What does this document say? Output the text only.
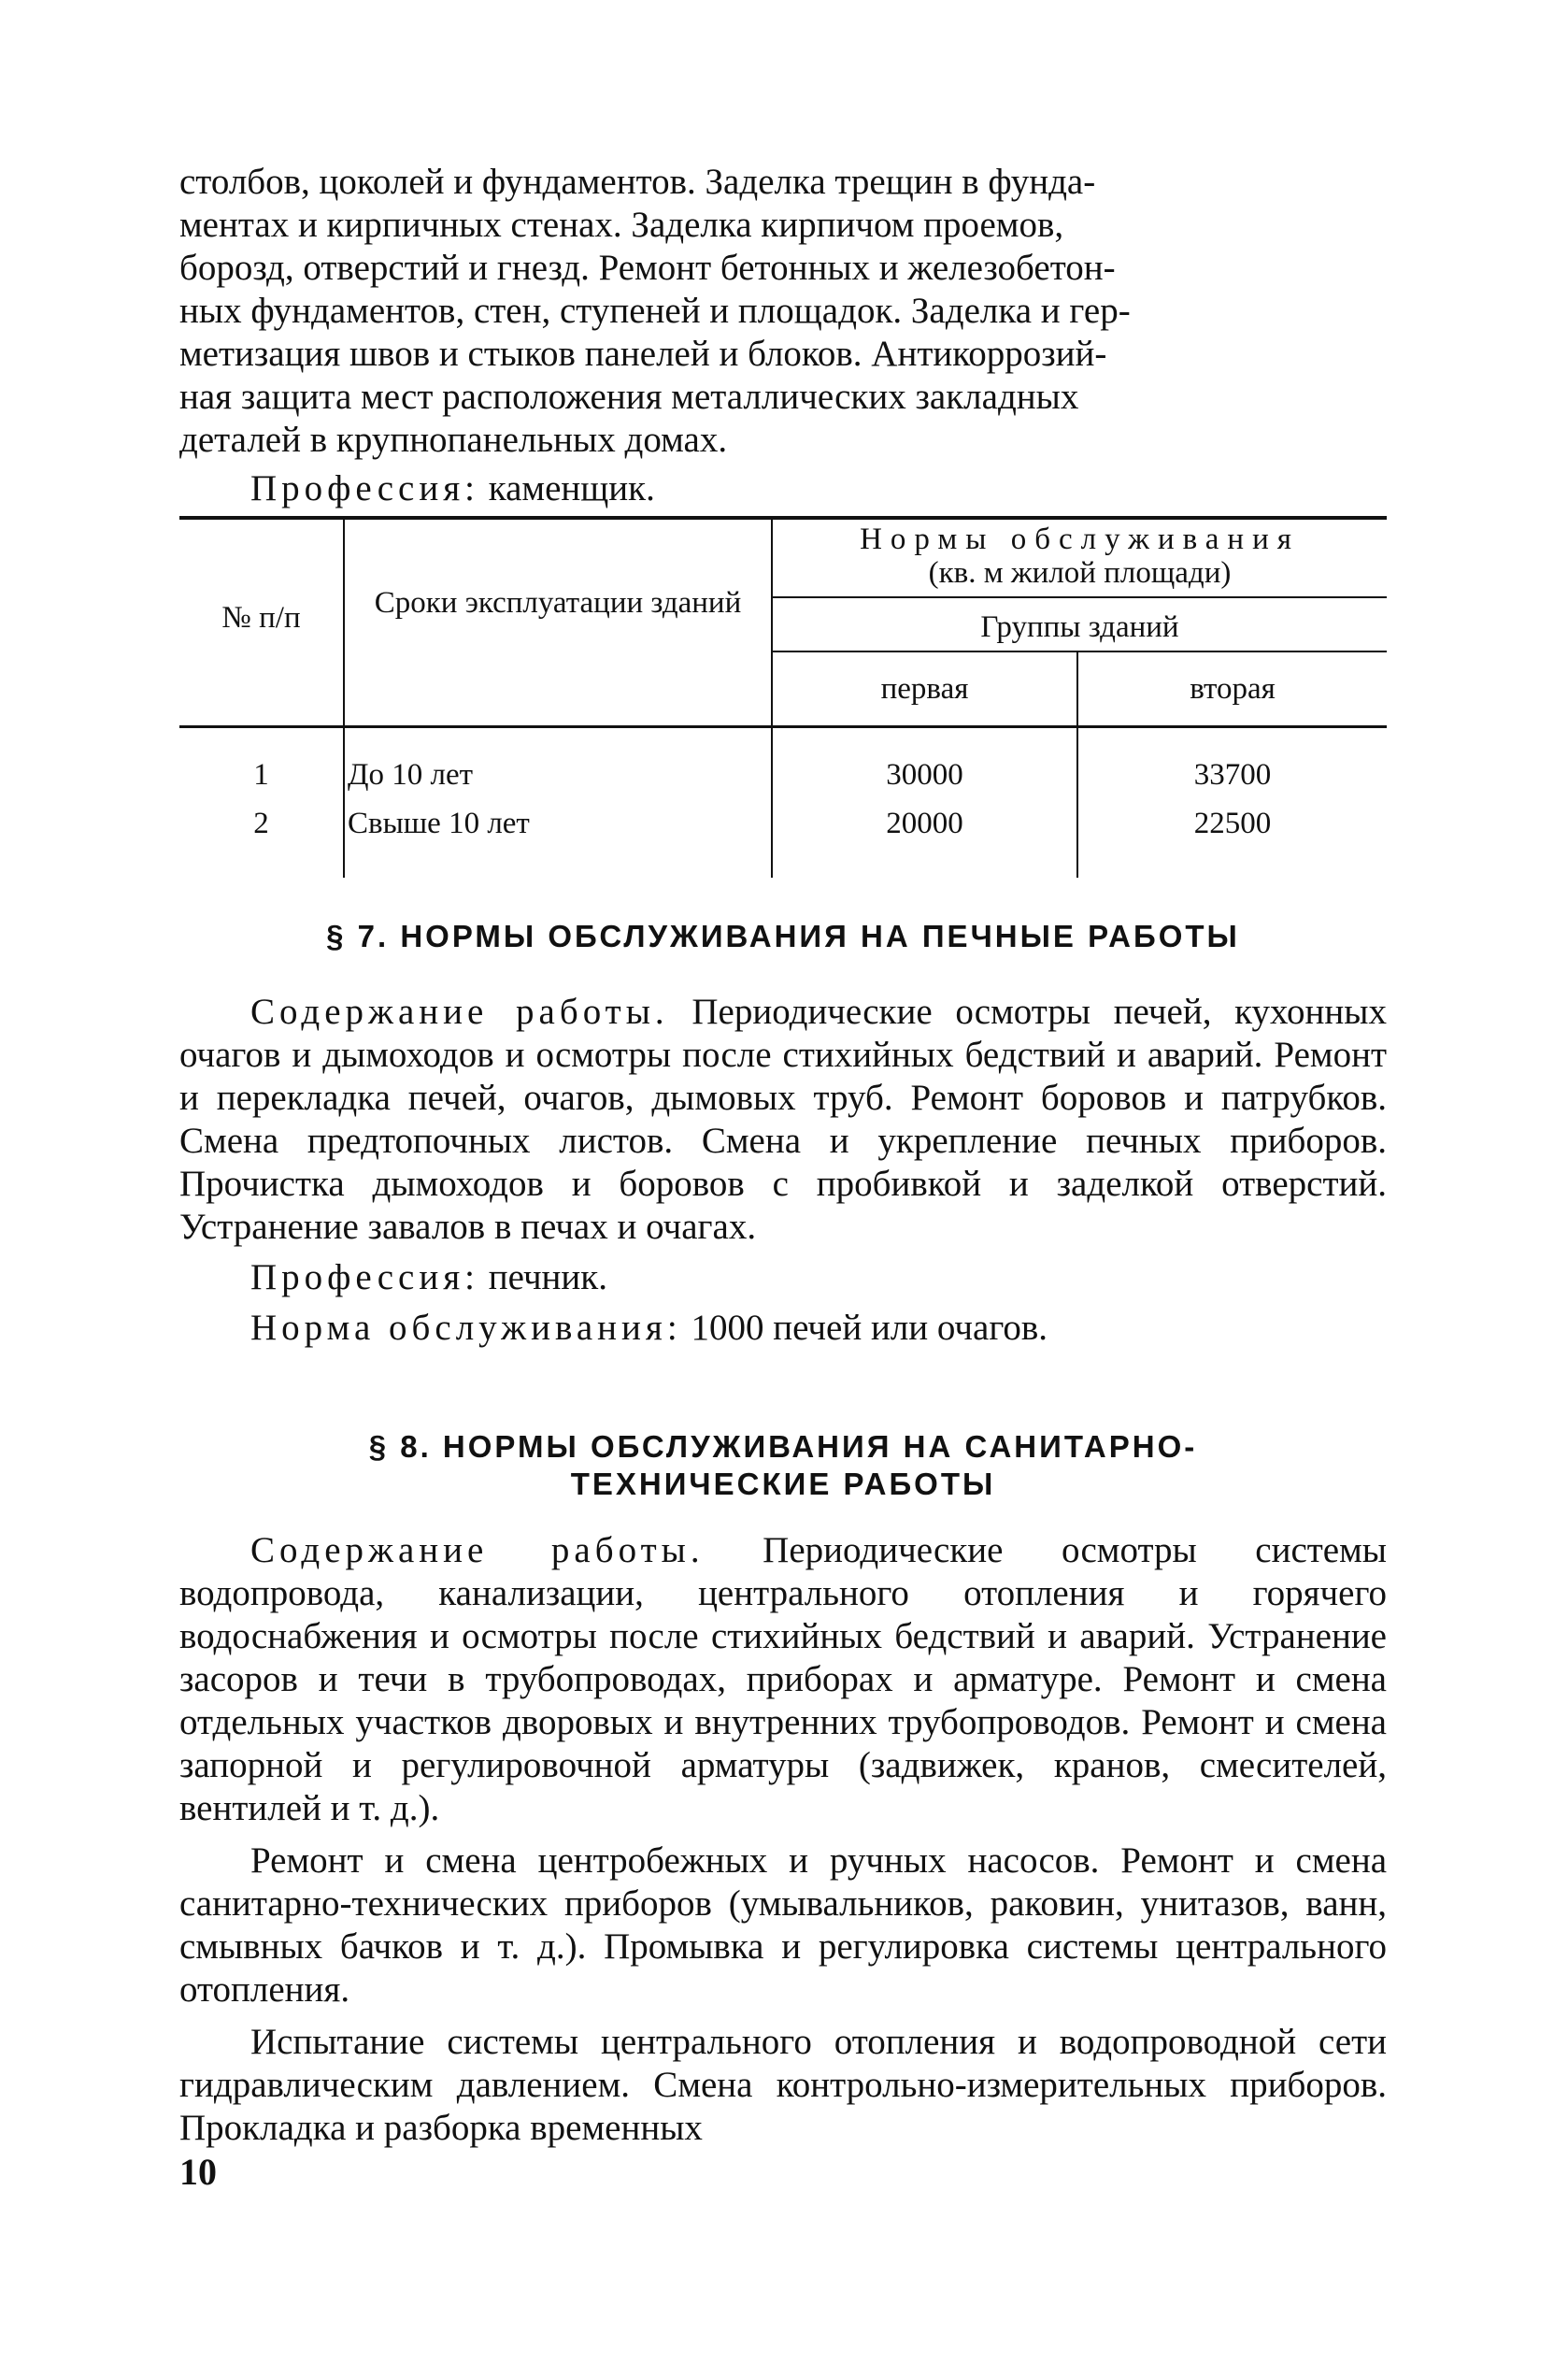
столбов, цоколей и фундаментов. Заделка трещин в фунда-

ментах и кирпичных стенах. Заделка кирпичом проемов,

борозд, отверстий и гнезд. Ремонт бетонных и железобетон-

ных фундаментов, стен, ступеней и площадок. Заделка и гер-

метизация швов и стыков панелей и блоков. Антикоррозий-

ная защита мест расположения металлических закладных

деталей в крупнопанельных домах.

Профессия: каменщик.

№ п/п	Сроки эксплуатации зданий
Нормы обслуживания
(кв. м жилой площади)
Группы зданий
первая	вторая
1	До 10 лет	30000	33700
2	Свыше 10 лет	20000	22500

§ 7. НОРМЫ ОБСЛУЖИВАНИЯ НА ПЕЧНЫЕ РАБОТЫ

Содержание работы. Периодические осмотры печей, кухонных очагов и дымоходов и осмотры после стихийных бедствий и аварий. Ремонт и перекладка печей, очагов, дымовых труб. Ремонт боровов и патрубков. Смена предтопочных листов. Смена и укрепление печных приборов. Прочистка дымоходов и боровов с пробивкой и заделкой отверстий. Устранение завалов в печах и очагах.

Профессия: печник.

Норма обслуживания: 1000 печей или очагов.

§ 8. НОРМЫ ОБСЛУЖИВАНИЯ НА САНИТАРНО-

ТЕХНИЧЕСКИЕ РАБОТЫ

Содержание работы. Периодические осмотры системы водопровода, канализации, центрального отопления и горячего водоснабжения и осмотры после стихийных бедствий и аварий. Устранение засоров и течи в трубопроводах, приборах и арматуре. Ремонт и смена отдельных участков дворовых и внутренних трубопроводов. Ремонт и смена запорной и регулировочной арматуры (задвижек, кранов, смесителей, вентилей и т. д.).

Ремонт и смена центробежных и ручных насосов. Ремонт и смена санитарно-технических приборов (умывальников, раковин, унитазов, ванн, смывных бачков и т. д.). Промывка и регулировка системы центрального отопления.

Испытание системы центрального отопления и водопроводной сети гидравлическим давлением. Смена контрольно-измерительных приборов. Прокладка и разборка временных

10
